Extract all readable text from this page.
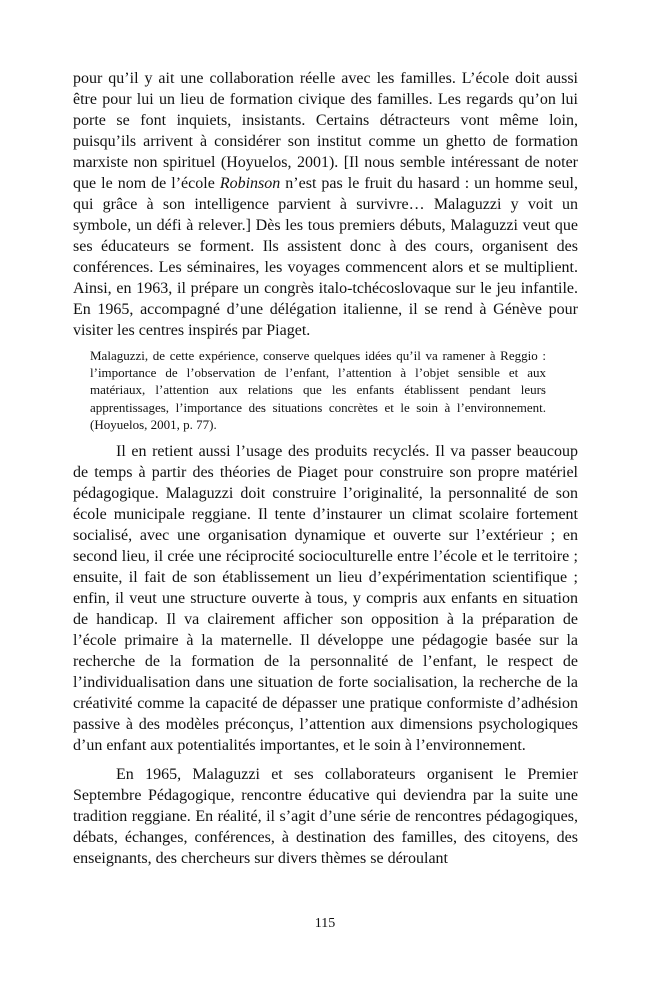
pour qu’il y ait une collaboration réelle avec les familles. L’école doit aussi être pour lui un lieu de formation civique des familles. Les regards qu’on lui porte se font inquiets, insistants. Certains détracteurs vont même loin, puisqu’ils arrivent à considérer son institut comme un ghetto de formation marxiste non spirituel (Hoyuelos, 2001). [Il nous semble intéressant de noter que le nom de l’école Robinson n’est pas le fruit du hasard : un homme seul, qui grâce à son intelligence parvient à survivre… Malaguzzi y voit un symbole, un défi à relever.] Dès les tous premiers débuts, Malaguzzi veut que ses éducateurs se forment. Ils assistent donc à des cours, organisent des conférences. Les séminaires, les voyages commencent alors et se multiplient. Ainsi, en 1963, il prépare un congrès italo-tchécoslovaque sur le jeu infantile. En 1965, accompagné d’une délégation italienne, il se rend à Génève pour visiter les centres inspirés par Piaget.

Malaguzzi, de cette expérience, conserve quelques idées qu’il va ramener à Reggio : l’importance de l’observation de l’enfant, l’attention à l’objet sensible et aux matériaux, l’attention aux relations que les enfants établissent pendant leurs apprentissages, l’importance des situations concrètes et le soin à l’environnement. (Hoyuelos, 2001, p. 77).

Il en retient aussi l’usage des produits recyclés. Il va passer beaucoup de temps à partir des théories de Piaget pour construire son propre matériel pédagogique. Malaguzzi doit construire l’originalité, la personnalité de son école municipale reggiane. Il tente d’instaurer un climat scolaire fortement socialisé, avec une organisation dynamique et ouverte sur l’extérieur ; en second lieu, il crée une réciprocité socioculturelle entre l’école et le territoire ; ensuite, il fait de son établissement un lieu d’expérimentation scientifique ; enfin, il veut une structure ouverte à tous, y compris aux enfants en situation de handicap. Il va clairement afficher son opposition à la préparation de l’école primaire à la maternelle. Il développe une pédagogie basée sur la recherche de la formation de la personnalité de l’enfant, le respect de l’individualisation dans une situation de forte socialisation, la recherche de la créativité comme la capacité de dépasser une pratique conformiste d’adhésion passive à des modèles préconçus, l’attention aux dimensions psychologiques d’un enfant aux potentialités importantes, et le soin à l’environnement.

En 1965, Malaguzzi et ses collaborateurs organisent le Premier Septembre Pédagogique, rencontre éducative qui deviendra par la suite une tradition reggiane. En réalité, il s’agit d’une série de rencontres pédagogiques, débats, échanges, conférences, à destination des familles, des citoyens, des enseignants, des chercheurs sur divers thèmes se déroulant

115
